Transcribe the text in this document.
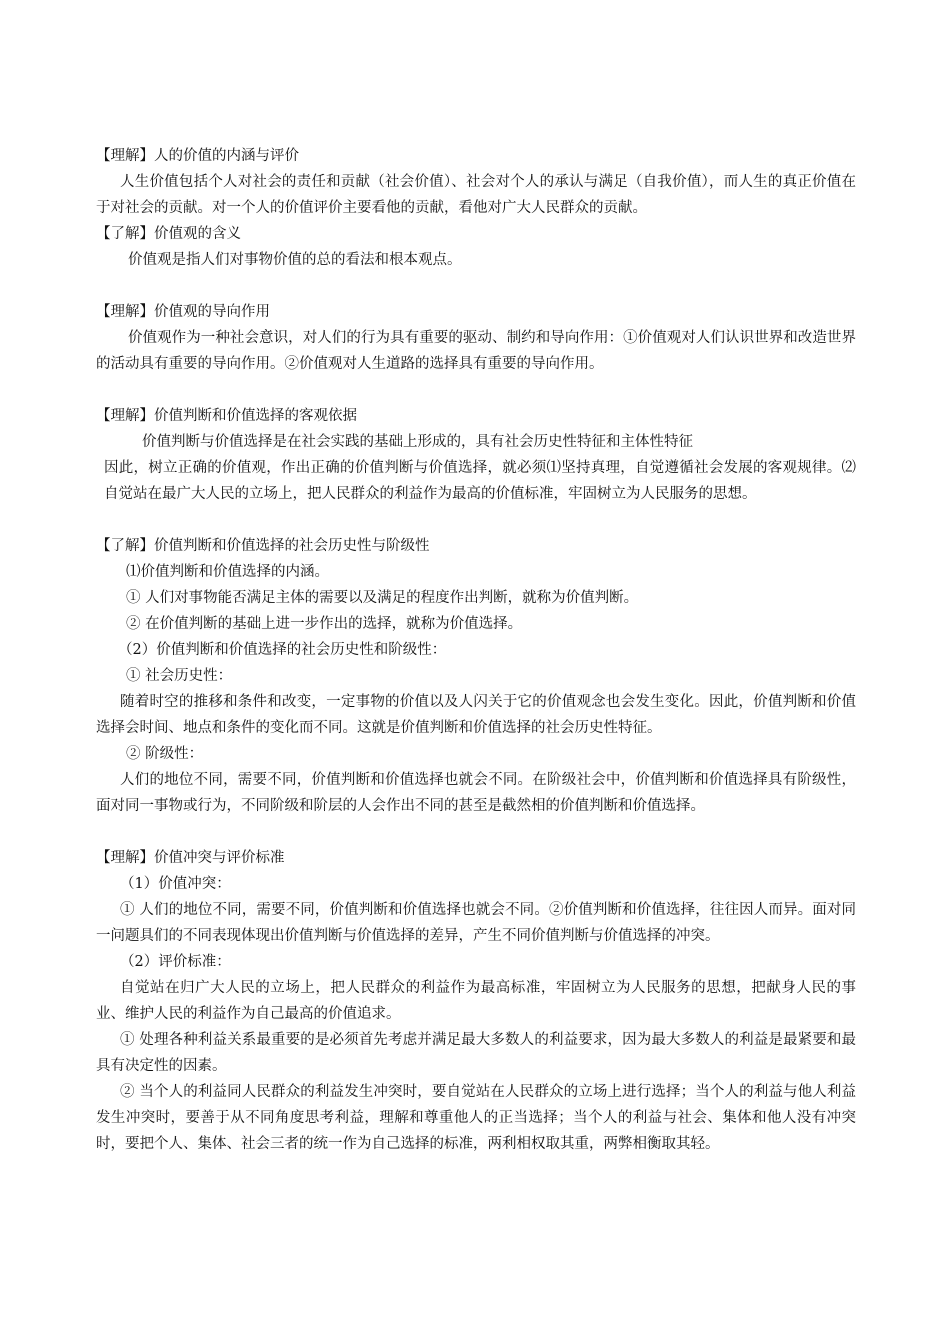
【理解】人的价值的内涵与评价

人生价值包括个人对社会的责任和贡献（社会价值）、社会对个人的承认与满足（自我价值），而人生的真正价值在于对社会的贡献。对一个人的价值评价主要看他的贡献，看他对广大人民群众的贡献。

【了解】价值观的含义

价值观是指人们对事物价值的总的看法和根本观点。

【理解】价值观的导向作用

价值观作为一种社会意识，对人们的行为具有重要的驱动、制约和导向作用：①价值观对人们认识世界和改造世界的活动具有重要的导向作用。②价值观对人生道路的选择具有重要的导向作用。

【理解】价值判断和价值选择的客观依据

价值判断与价值选择是在社会实践的基础上形成的，具有社会历史性特征和主体性特征

因此，树立正确的价值观，作出正确的价值判断与价值选择，就必须⑴坚持真理，自觉遵循社会发展的客观规律。⑵自觉站在最广大人民的立场上，把人民群众的利益作为最高的价值标准，牢固树立为人民服务的思想。

【了解】价值判断和价值选择的社会历史性与阶级性

⑴价值判断和价值选择的内涵。

① 人们对事物能否满足主体的需要以及满足的程度作出判断，就称为价值判断。

② 在价值判断的基础上进一步作出的选择，就称为价值选择。

（2）价值判断和价值选择的社会历史性和阶级性：

① 社会历史性：

随着时空的推移和条件和改变，一定事物的价值以及人闪关于它的价值观念也会发生变化。因此，价值判断和价值选择会时间、地点和条件的变化而不同。这就是价值判断和价值选择的社会历史性特征。

② 阶级性：

人们的地位不同，需要不同，价值判断和价值选择也就会不同。在阶级社会中，价值判断和价值选择具有阶级性，面对同一事物或行为，不同阶级和阶层的人会作出不同的甚至是截然相的价值判断和价值选择。

【理解】价值冲突与评价标准

（1）价值冲突：

① 人们的地位不同，需要不同，价值判断和价值选择也就会不同。②价值判断和价值选择，往往因人而异。面对同一问题具们的不同表现体现出价值判断与价值选择的差异，产生不同价值判断与价值选择的冲突。

（2）评价标准：

自觉站在归广大人民的立场上，把人民群众的利益作为最高标准，牢固树立为人民服务的思想，把献身人民的事业、维护人民的利益作为自己最高的价值追求。

① 处理各种利益关系最重要的是必须首先考虑并满足最大多数人的利益要求，因为最大多数人的利益是最紧要和最具有决定性的因素。

② 当个人的利益同人民群众的利益发生冲突时，要自觉站在人民群众的立场上进行选择；当个人的利益与他人利益发生冲突时，要善于从不同角度思考利益，理解和尊重他人的正当选择；当个人的利益与社会、集体和他人没有冲突时，要把个人、集体、社会三者的统一作为自己选择的标准，两利相权取其重，两弊相衡取其轻。
